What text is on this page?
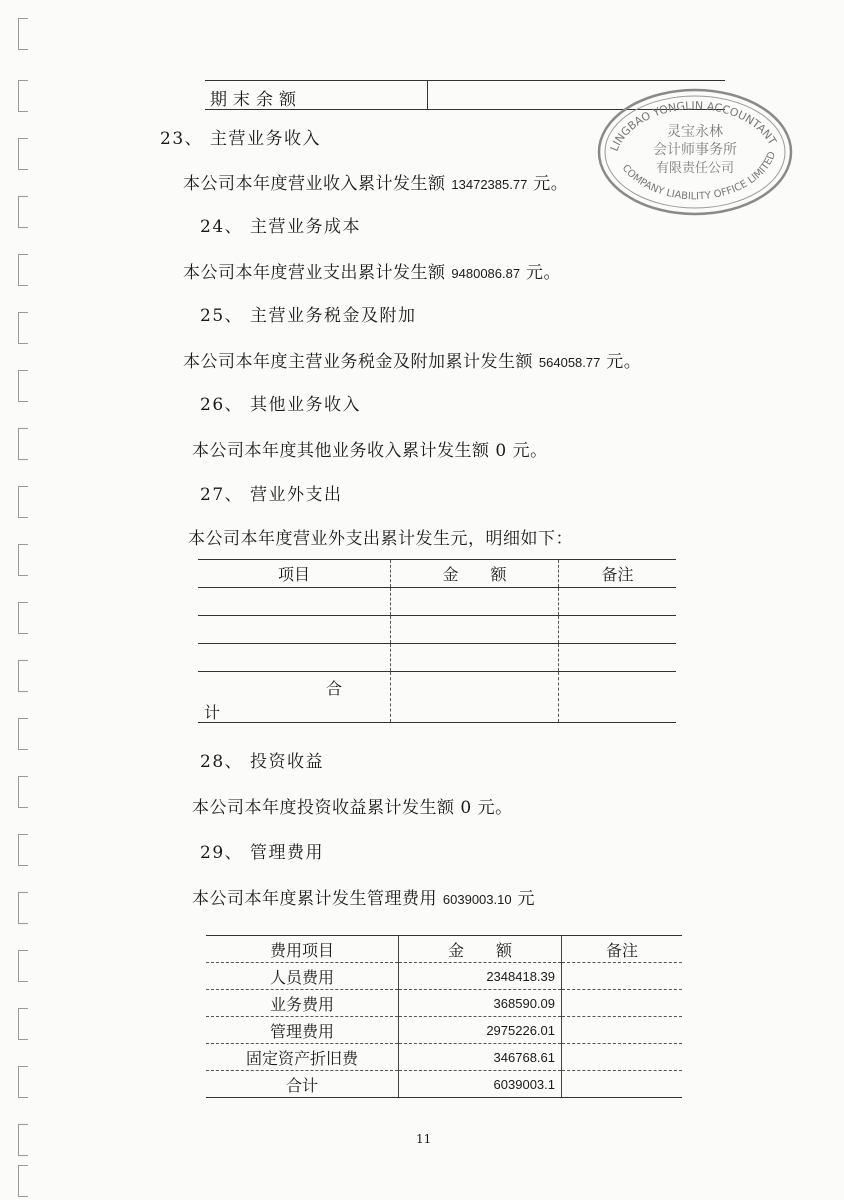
期末余额
LINGBAO YONGLIN ACCOUNTANT
COMPANY LIABILITY OFFICE LIMITED
灵宝永林
会计师事务所
有限责任公司
23、 主营业务收入
本公司本年度营业收入累计发生额 13472385.77 元。
24、 主营业务成本
本公司本年度营业支出累计发生额 9480086.87 元。
25、 主营业务税金及附加
本公司本年度主营业务税金及附加累计发生额 564058.77 元。
26、 其他业务收入
本公司本年度其他业务收入累计发生额 0 元。
27、 营业外支出
本公司本年度营业外支出累计发生元，明细如下：
项目	金　　额	备注

合
计		

28、 投资收益
本公司本年度投资收益累计发生额 0 元。
29、 管理费用
本公司本年度累计发生管理费用 6039003.10 元
费用项目	金　　额	备注
人员费用	2348418.39	
业务费用	368590.09	
管理费用	2975226.01	
固定资产折旧费	346768.61	
合计	6039003.1	
11
